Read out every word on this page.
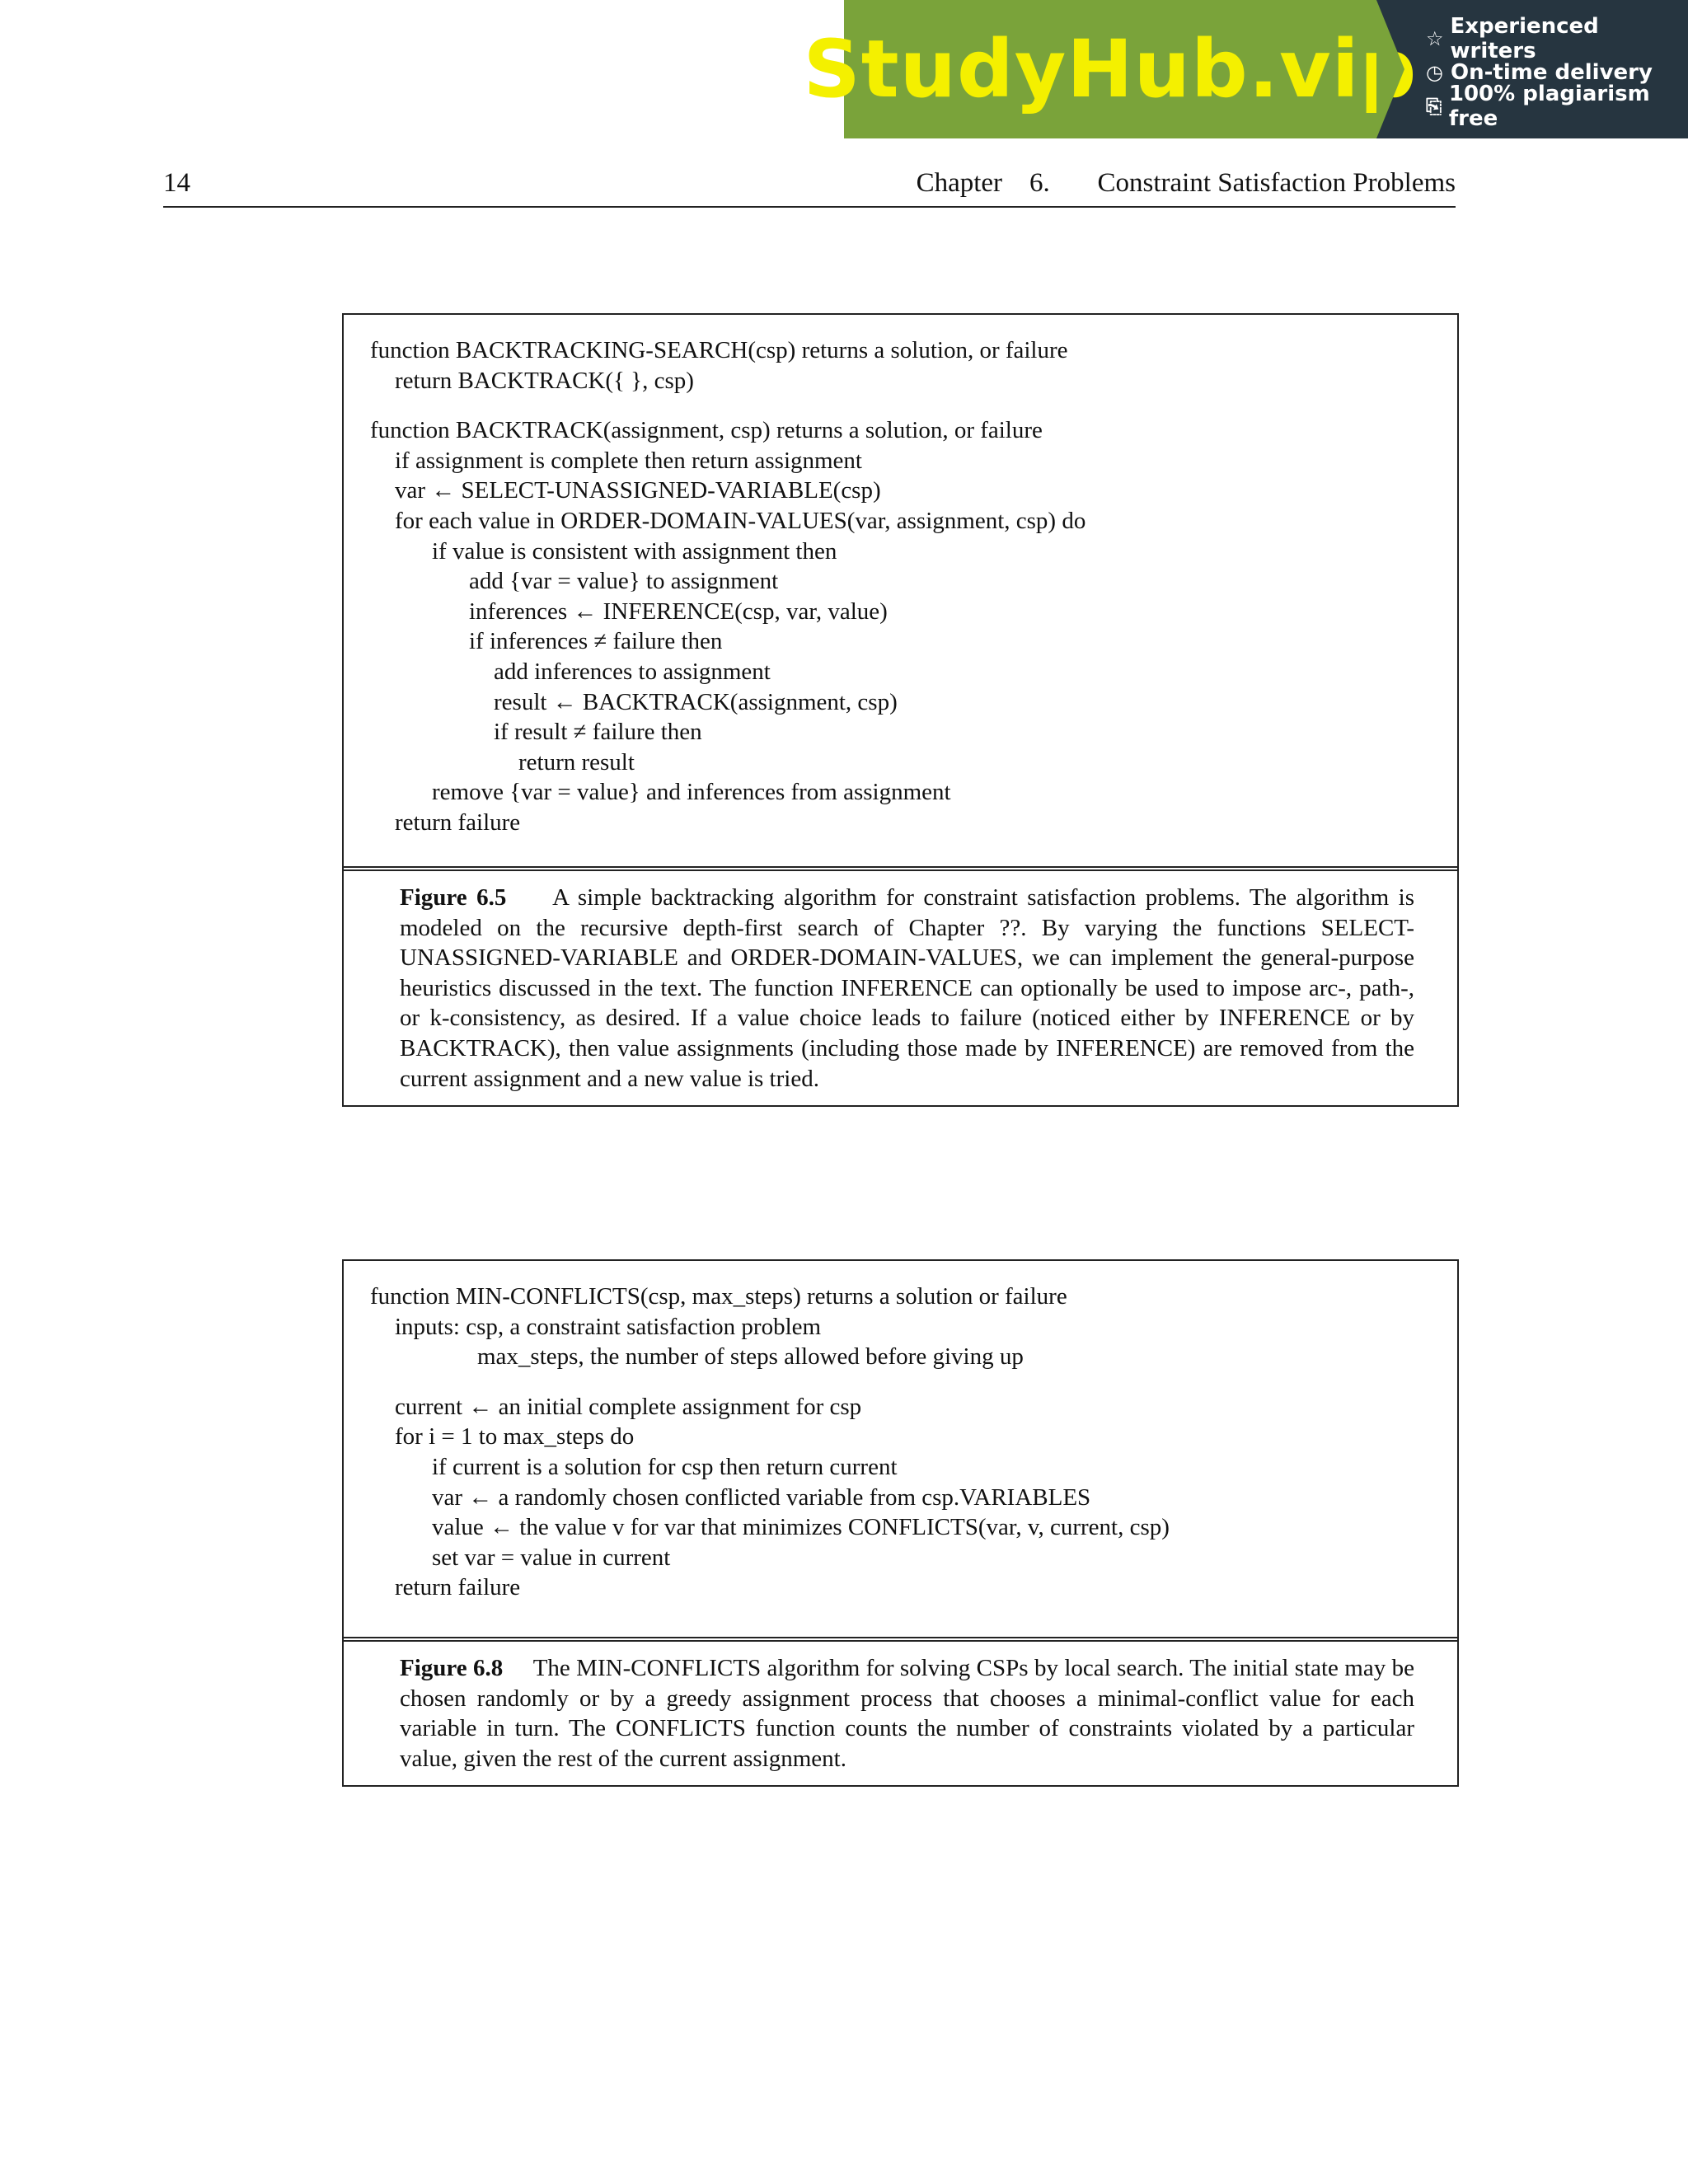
StudyHub.vip ☆ Experienced writers
◷ On-time delivery
⎘ 100% plagiarism free
14	Chapter    6.       Constraint Satisfaction Problems
function BACKTRACKING-SEARCH(csp) returns a solution, or failure
return BACKTRACK({ }, csp)
function BACKTRACK(assignment, csp) returns a solution, or failure
if assignment is complete then return assignment
var ← SELECT-UNASSIGNED-VARIABLE(csp)
for each value in ORDER-DOMAIN-VALUES(var, assignment, csp) do
if value is consistent with assignment then
add {var = value} to assignment
inferences ← INFERENCE(csp, var, value)
if inferences ≠ failure then
add inferences to assignment
result ← BACKTRACK(assignment, csp)
if result ≠ failure then
return result
remove {var = value} and inferences from assignment
return failure
Figure 6.5 A simple backtracking algorithm for constraint satisfaction problems. The algorithm is modeled on the recursive depth-first search of Chapter ??. By varying the functions SELECT-UNASSIGNED-VARIABLE and ORDER-DOMAIN-VALUES, we can implement the general-purpose heuristics discussed in the text. The function INFERENCE can optionally be used to impose arc-, path-, or k-consistency, as desired. If a value choice leads to failure (noticed either by INFERENCE or by BACKTRACK), then value assignments (including those made by INFERENCE) are removed from the current assignment and a new value is tried.
function MIN-CONFLICTS(csp, max_steps) returns a solution or failure
inputs: csp, a constraint satisfaction problem
max_steps, the number of steps allowed before giving up
current ← an initial complete assignment for csp
for i = 1 to max_steps do
if current is a solution for csp then return current
var ← a randomly chosen conflicted variable from csp.VARIABLES
value ← the value v for var that minimizes CONFLICTS(var, v, current, csp)
set var = value in current
return failure
Figure 6.8 The MIN-CONFLICTS algorithm for solving CSPs by local search. The initial state may be chosen randomly or by a greedy assignment process that chooses a minimal-conflict value for each variable in turn. The CONFLICTS function counts the number of constraints violated by a particular value, given the rest of the current assignment.
